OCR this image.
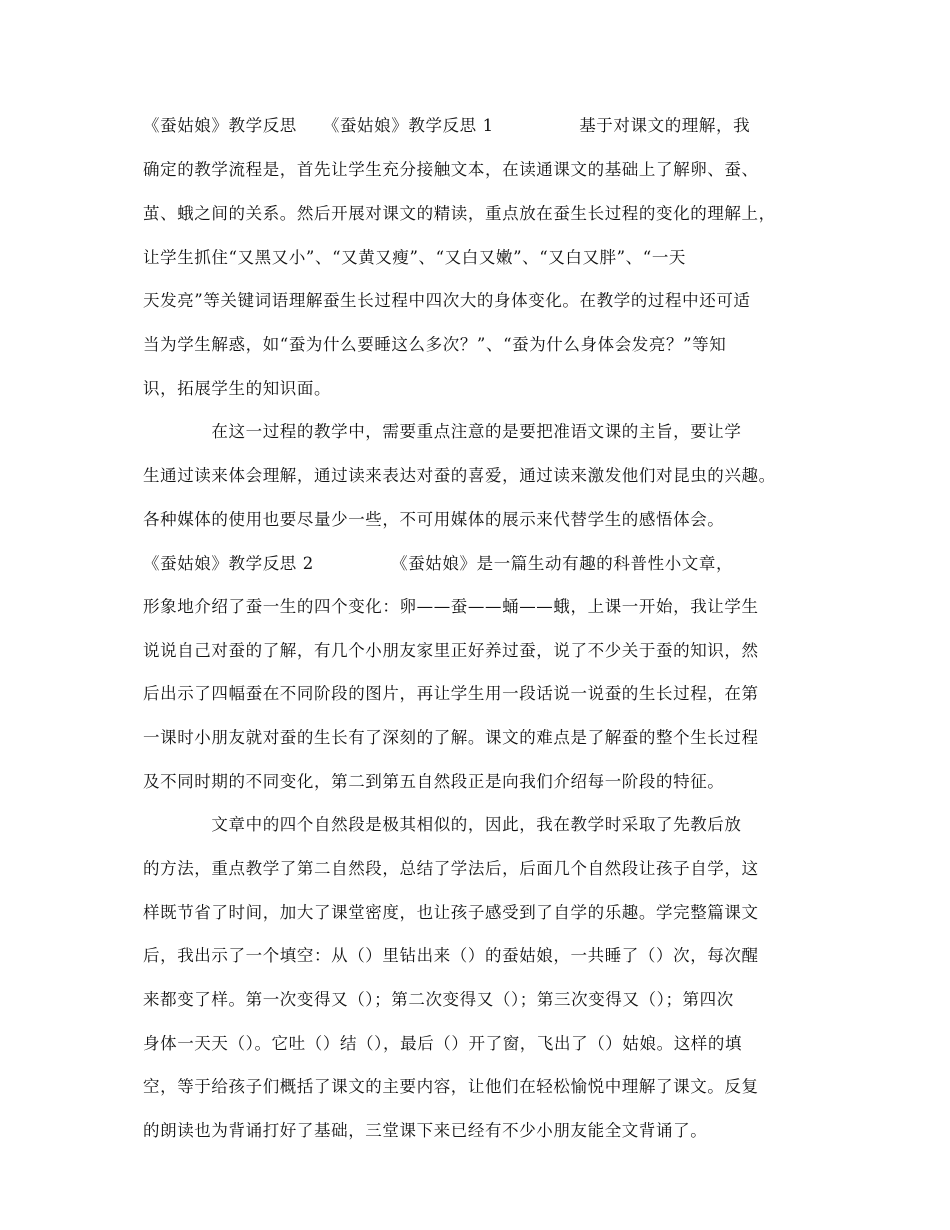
《蚕姑娘》教学反思　　《蚕姑娘》教学反思 1　　　　　基于对课文的理解，我
确定的教学流程是，首先让学生充分接触文本，在读通课文的基础上了解卵、蚕、
茧、蛾之间的关系。然后开展对课文的精读，重点放在蚕生长过程的变化的理解上，
让学生抓住“又黑又小”、“又黄又瘦”、“又白又嫩”、“又白又胖”、“一天
天发亮”等关键词语理解蚕生长过程中四次大的身体变化。在教学的过程中还可适
当为学生解惑，如“蚕为什么要睡这么多次？”、“蚕为什么身体会发亮？”等知
识，拓展学生的知识面。
　　　　在这一过程的教学中，需要重点注意的是要把准语文课的主旨，要让学
生通过读来体会理解，通过读来表达对蚕的喜爱，通过读来激发他们对昆虫的兴趣。
各种媒体的使用也要尽量少一些，不可用媒体的展示来代替学生的感悟体会。
《蚕姑娘》教学反思 2　　　　　《蚕姑娘》是一篇生动有趣的科普性小文章，
形象地介绍了蚕一生的四个变化：卵——蚕——蛹——蛾，上课一开始，我让学生
说说自己对蚕的了解，有几个小朋友家里正好养过蚕，说了不少关于蚕的知识，然
后出示了四幅蚕在不同阶段的图片，再让学生用一段话说一说蚕的生长过程，在第
一课时小朋友就对蚕的生长有了深刻的了解。课文的难点是了解蚕的整个生长过程
及不同时期的不同变化，第二到第五自然段正是向我们介绍每一阶段的特征。
　　　　文章中的四个自然段是极其相似的，因此，我在教学时采取了先教后放
的方法，重点教学了第二自然段，总结了学法后，后面几个自然段让孩子自学，这
样既节省了时间，加大了课堂密度，也让孩子感受到了自学的乐趣。学完整篇课文
后，我出示了一个填空：从（）里钻出来（）的蚕姑娘，一共睡了（）次，每次醒
来都变了样。第一次变得又（）；第二次变得又（）；第三次变得又（）；第四次
身体一天天（）。它吐（）结（），最后（）开了窗，飞出了（）姑娘。这样的填
空，等于给孩子们概括了课文的主要内容，让他们在轻松愉悦中理解了课文。反复
的朗读也为背诵打好了基础，三堂课下来已经有不少小朋友能全文背诵了。
